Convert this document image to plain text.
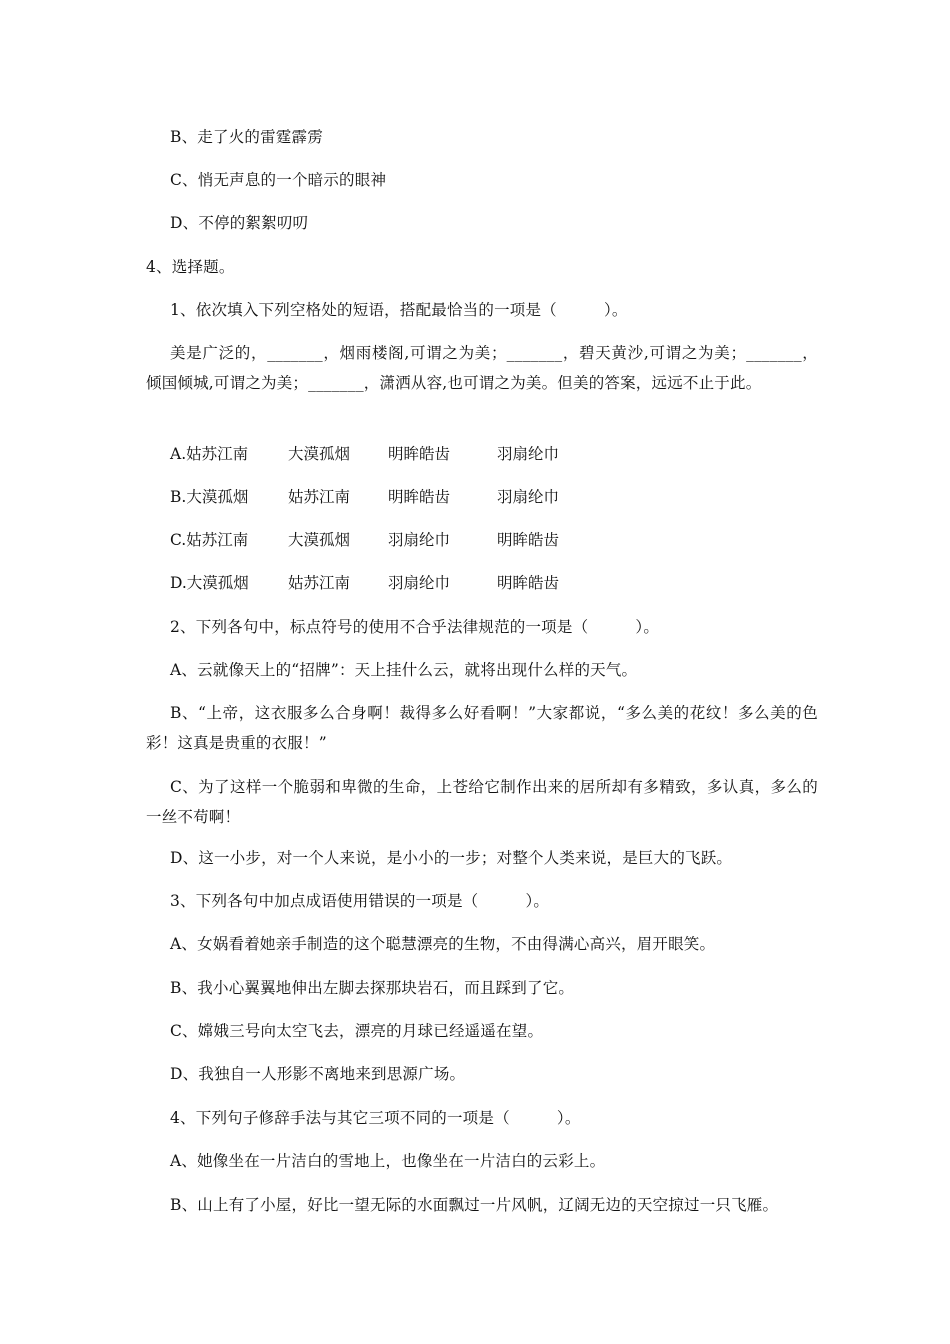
B、走了火的雷霆霹雳
C、悄无声息的一个暗示的眼神
D、不停的絮絮叨叨
4、选择题。
1、依次填入下列空格处的短语，搭配最恰当的一项是（　　　）。
美是广泛的，_______，烟雨楼阁,可谓之为美；_______，碧天黄沙,可谓之为美；_______，倾国倾城,可谓之为美；_______，潇洒从容,也可谓之为美。但美的答案，远远不止于此。
A.姑苏江南	大漠孤烟 明眸皓齿	羽扇纶巾
B.大漠孤烟	姑苏江南 明眸皓齿	羽扇纶巾
C.姑苏江南	大漠孤烟 羽扇纶巾	明眸皓齿
D.大漠孤烟	姑苏江南 羽扇纶巾	明眸皓齿
2、下列各句中，标点符号的使用不合乎法律规范的一项是（　　　）。
A、云就像天上的“招牌”：天上挂什么云，就将出现什么样的天气。
B、“上帝，这衣服多么合身啊！裁得多么好看啊！”大家都说，“多么美的花纹！多么美的色彩！这真是贵重的衣服！”
C、为了这样一个脆弱和卑微的生命，上苍给它制作出来的居所却有多精致，多认真，多么的一丝不苟啊！
D、这一小步，对一个人来说，是小小的一步；对整个人类来说，是巨大的飞跃。
3、下列各句中加点成语使用错误的一项是（　　　）。
A、女娲看着她亲手制造的这个聪慧漂亮的生物，不由得满心高兴，眉开眼笑。
B、我小心翼翼地伸出左脚去探那块岩石，而且踩到了它。
C、嫦娥三号向太空飞去，漂亮的月球已经遥遥在望。
D、我独自一人形影不离地来到思源广场。
4、下列句子修辞手法与其它三项不同的一项是（　　　）。
A、她像坐在一片洁白的雪地上，也像坐在一片洁白的云彩上。
B、山上有了小屋，好比一望无际的水面飘过一片风帆，辽阔无边的天空掠过一只飞雁。
